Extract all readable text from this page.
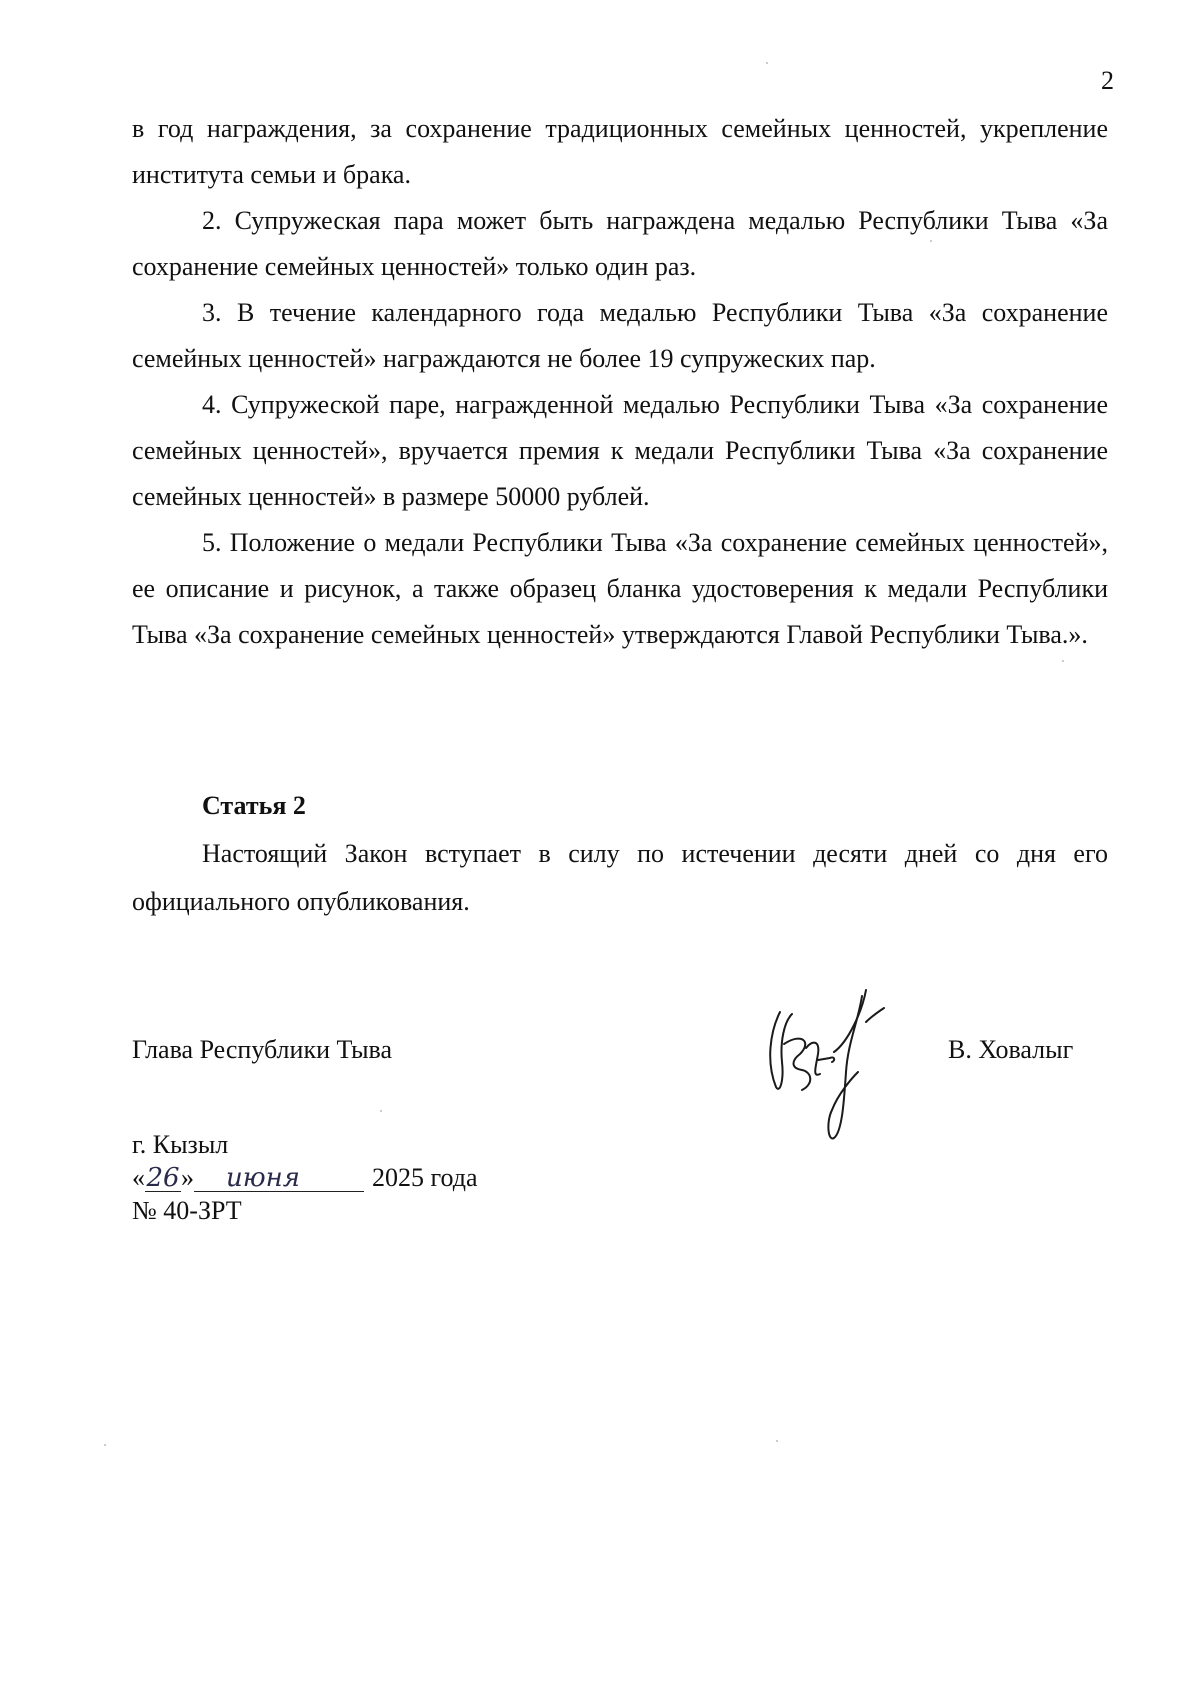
2

в год награждения, за сохранение традиционных семейных ценностей, укрепление института семьи и брака.

2. Супружеская пара может быть награждена медалью Республики Тыва «За сохранение семейных ценностей» только один раз.

3. В течение календарного года медалью Республики Тыва «За сохранение семейных ценностей» награждаются не более 19 супружеских пар.

4. Супружеской паре, награжденной медалью Республики Тыва «За сохранение семейных ценностей», вручается премия к медали Республики Тыва «За сохранение семейных ценностей» в размере 50000 рублей.

5. Положение о медали Республики Тыва «За сохранение семейных ценностей», ее описание и рисунок, а также образец бланка удостоверения к медали Республики Тыва «За сохранение семейных ценностей» утверждаются Главой Республики Тыва.».

Статья 2

Настоящий Закон вступает в силу по истечении десяти дней со дня его официального опубликования.

Глава Республики Тыва	В. Ховалыг
г. Кызыл
«26» июня	2025 года
№ 40-ЗРТ
